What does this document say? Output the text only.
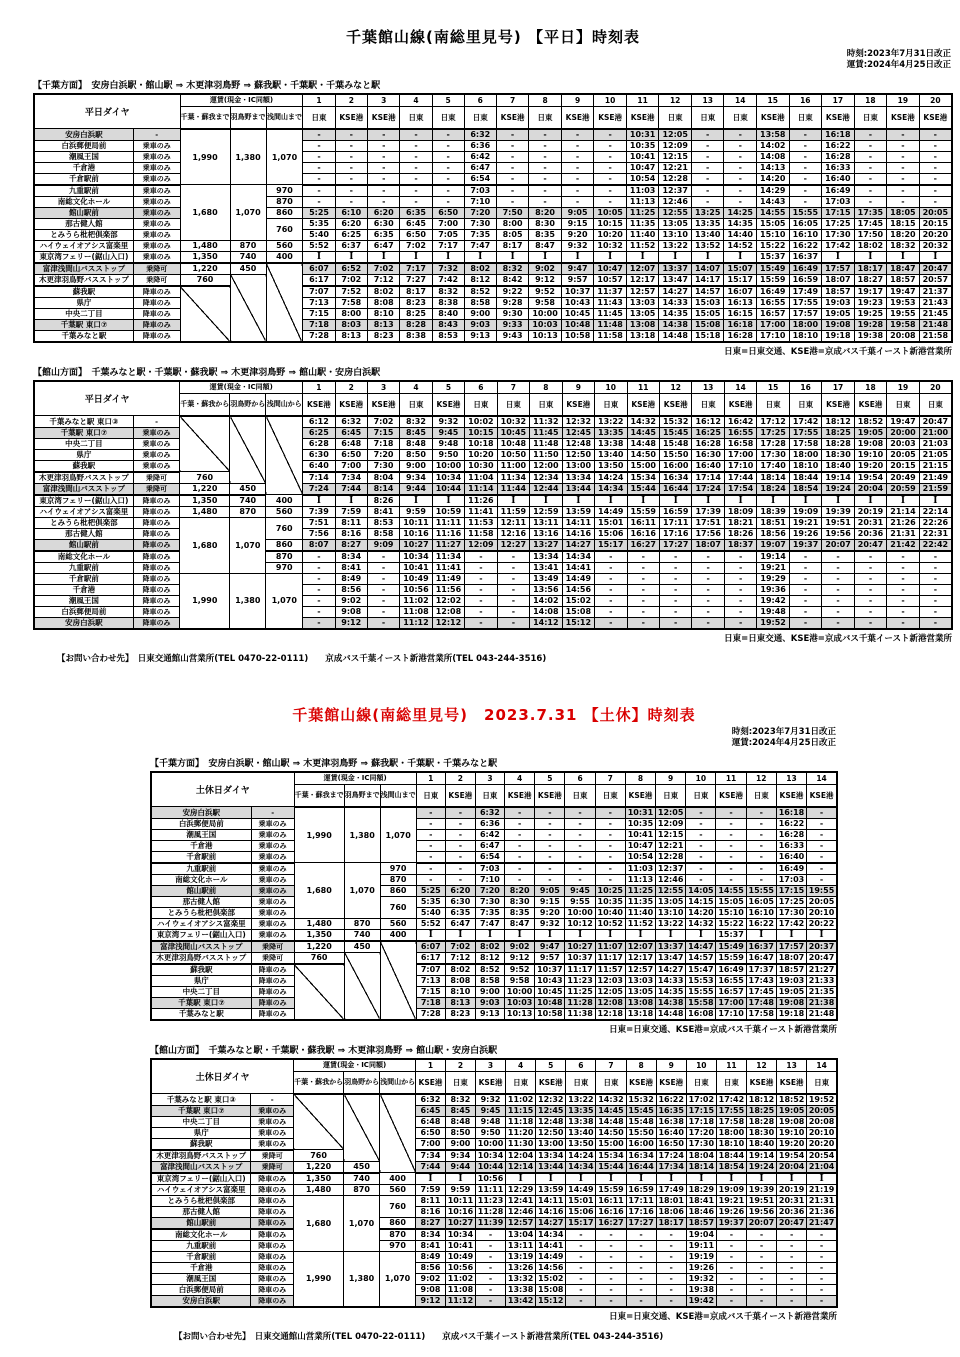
千葉館山線(南総里見号) 【平日】時刻表
時刻:2023年7月31日改正
運賃:2024年4月25日改正
【千葉方面】　安房白浜駅・館山駅 ⇒ 木更津羽鳥野 ⇒ 蘇我駅・千葉駅・千葉みなと駅
平日ダイヤ		運賃(現金・IC同額)			1	2	3	4	5	6	7	8	9	10	11	12	13	14	15	16	17	18	19	20
		千葉・蘇我まで	羽鳥野まで	浅間山まで	日東	KSE港	KSE港	日東	日東	日東	KSE港	日東	KSE港	KSE港	KSE港	日東	日東	日東	KSE港	日東	KSE港	日東	KSE港	KSE港
安房白浜駅	-	1,990	1,380	1,070	-	-	-	-	-	6:32	-	-	-	-	10:31	12:05	-	-	13:58	-	16:18	-	-	-
白浜郵便局前	乗車のみ				-	-	-	-	-	6:36	-	-	-	-	10:35	12:09	-	-	14:02	-	16:22	-	-	-
潮風王国	乗車のみ				-	-	-	-	-	6:42	-	-	-	-	10:41	12:15	-	-	14:08	-	16:28	-	-	-
千倉港	乗車のみ				-	-	-	-	-	6:47	-	-	-	-	10:47	12:21	-	-	14:13	-	16:33	-	-	-
千倉駅前	乗車のみ				-	-	-	-	-	6:54	-	-	-	-	10:54	12:28	-	-	14:20	-	16:40	-	-	-
九重駅前	乗車のみ	1,680	1,070	970	-	-	-	-	-	7:03	-	-	-	-	11:03	12:37	-	-	14:29	-	16:49	-	-	-
南総文化ホール	乗車のみ			870	-	-	-	-	-	7:10	-	-	-	-	11:13	12:46	-	-	14:43	-	17:03	-	-	-
館山駅前	乗車のみ			860	5:25	6:10	6:20	6:35	6:50	7:20	7:50	8:20	9:05	10:05	11:25	12:55	13:25	14:25	14:55	15:55	17:15	17:35	18:05	20:05
那古健人館	乗車のみ			760	5:35	6:20	6:30	6:45	7:00	7:30	8:00	8:30	9:15	10:15	11:35	13:05	13:35	14:35	15:05	16:05	17:25	17:45	18:15	20:15
とみうら枇杷倶楽部	乗車のみ				5:40	6:25	6:35	6:50	7:05	7:35	8:05	8:35	9:20	10:20	11:40	13:10	13:40	14:40	15:10	16:10	17:30	17:50	18:20	20:20
ハイウェイオアシス富楽里	乗車のみ	1,480	870	560	5:52	6:37	6:47	7:02	7:17	7:47	8:17	8:47	9:32	10:32	11:52	13:22	13:52	14:52	15:22	16:22	17:42	18:02	18:32	20:32
東京湾フェリー(鋸山入口)	乗車のみ	1,350	740	400	I	I	I	I	I	I	I	I	I	I	I	I	I	I	15:37	16:37	I	I	I	I
富津浅間山バスストップ	乗降可	1,220	450		6:07	6:52	7:02	7:17	7:32	8:02	8:32	9:02	9:47	10:47	12:07	13:37	14:07	15:07	15:49	16:49	17:57	18:17	18:47	20:47
木更津羽鳥野バスストップ	乗降可	760			6:17	7:02	7:12	7:27	7:42	8:12	8:42	9:12	9:57	10:57	12:17	13:47	14:17	15:17	15:59	16:59	18:07	18:27	18:57	20:57
蘇我駅	降車のみ				7:07	7:52	8:02	8:17	8:32	8:52	9:22	9:52	10:37	11:37	12:57	14:27	14:57	16:07	16:49	17:49	18:57	19:17	19:47	21:37
県庁	降車のみ				7:13	7:58	8:08	8:23	8:38	8:58	9:28	9:58	10:43	11:43	13:03	14:33	15:03	16:13	16:55	17:55	19:03	19:23	19:53	21:43
中央二丁目	降車のみ				7:15	8:00	8:10	8:25	8:40	9:00	9:30	10:00	10:45	11:45	13:05	14:35	15:05	16:15	16:57	17:57	19:05	19:25	19:55	21:45
千葉駅 東口⑦	降車のみ				7:18	8:03	8:13	8:28	8:43	9:03	9:33	10:03	10:48	11:48	13:08	14:38	15:08	16:18	17:00	18:00	19:08	19:28	19:58	21:48
千葉みなと駅	降車のみ				7:28	8:13	8:23	8:38	8:53	9:13	9:43	10:13	10:58	11:58	13:18	14:48	15:18	16:28	17:10	18:10	19:18	19:38	20:08	21:58
日東=日東交通、KSE港=京成バス千葉イースト新港営業所
【館山方面】　千葉みなと駅・千葉駅・蘇我駅 ⇒ 木更津羽鳥野 ⇒ 館山駅・安房白浜駅
平日ダイヤ		運賃(現金・IC同額)			1	2	3	4	5	6	7	8	9	10	11	12	13	14	15	16	17	18	19	20
		千葉・蘇我から	羽鳥野から	浅間山から	KSE港	KSE港	KSE港	日東	KSE港	日東	日東	日東	KSE港	日東	KSE港	KSE港	日東	KSE港	日東	日東	KSE港	KSE港	日東	日東
千葉みなと駅 東口③	-				6:12	6:32	7:02	8:32	9:32	10:02	10:32	11:32	12:32	13:22	14:32	15:32	16:12	16:42	17:12	17:42	18:12	18:52	19:47	20:47
千葉駅 東口⑦	乗車のみ				6:25	6:45	7:15	8:45	9:45	10:15	10:45	11:45	12:45	13:35	14:45	15:45	16:25	16:55	17:25	17:55	18:25	19:05	20:00	21:00
中央二丁目	乗車のみ				6:28	6:48	7:18	8:48	9:48	10:18	10:48	11:48	12:48	13:38	14:48	15:48	16:28	16:58	17:28	17:58	18:28	19:08	20:03	21:03
県庁	乗車のみ				6:30	6:50	7:20	8:50	9:50	10:20	10:50	11:50	12:50	13:40	14:50	15:50	16:30	17:00	17:30	18:00	18:30	19:10	20:05	21:05
蘇我駅	乗車のみ				6:40	7:00	7:30	9:00	10:00	10:30	11:00	12:00	13:00	13:50	15:00	16:00	16:40	17:10	17:40	18:10	18:40	19:20	20:15	21:15
木更津羽鳥野バスストップ	乗降可	760			7:14	7:34	8:04	9:34	10:34	11:04	11:34	12:34	13:34	14:24	15:34	16:34	17:14	17:44	18:14	18:44	19:14	19:54	20:49	21:49
富津浅間山バスストップ	乗降可	1,220	450		7:24	7:44	8:14	9:44	10:44	11:14	11:44	12:44	13:44	14:34	15:44	16:44	17:24	17:54	18:24	18:54	19:24	20:04	20:59	21:59
東京湾フェリー(鋸山入口)	降車のみ	1,350	740	400	I	I	8:26	I	I	11:26	I	I	I	I	I	I	I	I	I	I	I	I	I	I
ハイウェイオアシス富楽里	降車のみ	1,480	870	560	7:39	7:59	8:41	9:59	10:59	11:41	11:59	12:59	13:59	14:49	15:59	16:59	17:39	18:09	18:39	19:09	19:39	20:19	21:14	22:14
とみうら枇杷倶楽部	降車のみ	1,680	1,070	760	7:51	8:11	8:53	10:11	11:11	11:53	12:11	13:11	14:11	15:01	16:11	17:11	17:51	18:21	18:51	19:21	19:51	20:31	21:26	22:26
那古健人館	降車のみ				7:56	8:16	8:58	10:16	11:16	11:58	12:16	13:16	14:16	15:06	16:16	17:16	17:56	18:26	18:56	19:26	19:56	20:36	21:31	22:31
館山駅前	降車のみ			860	8:07	8:27	9:09	10:27	11:27	12:09	12:27	13:27	14:27	15:17	16:27	17:27	18:07	18:37	19:07	19:37	20:07	20:47	21:42	22:42
南総文化ホール	降車のみ			870	-	8:34	-	10:34	11:34	-	-	13:34	14:34	-	-	-	-	-	19:14	-	-	-	-	-
九重駅前	降車のみ			970	-	8:41	-	10:41	11:41	-	-	13:41	14:41	-	-	-	-	-	19:21	-	-	-	-	-
千倉駅前	降車のみ	1,990	1,380	1,070	-	8:49	-	10:49	11:49	-	-	13:49	14:49	-	-	-	-	-	19:29	-	-	-	-	-
千倉港	降車のみ				-	8:56	-	10:56	11:56	-	-	13:56	14:56	-	-	-	-	-	19:36	-	-	-	-	-
潮風王国	降車のみ				-	9:02	-	11:02	12:02	-	-	14:02	15:02	-	-	-	-	-	19:42	-	-	-	-	-
白浜郵便局前	降車のみ				-	9:08	-	11:08	12:08	-	-	14:08	15:08	-	-	-	-	-	19:48	-	-	-	-	-
安房白浜駅	降車のみ				-	9:12	-	11:12	12:12	-	-	14:12	15:12	-	-	-	-	-	19:52	-	-	-	-	-
日東=日東交通、KSE港=京成バス千葉イースト新港営業所
【お問い合わせ先】　日東交通館山営業所(TEL 0470-22-0111)　　京成バス千葉イースト新港営業所(TEL 043-244-3516)
千葉館山線(南総里見号)　2023.7.31 【土休】時刻表
時刻:2023年7月31日改正
運賃:2024年4月25日改正
【千葉方面】　安房白浜駅・館山駅 ⇒ 木更津羽鳥野 ⇒ 蘇我駅・千葉駅・千葉みなと駅
土休日ダイヤ		運賃(現金・IC同額)			1	2	3	4	5	6	7	8	9	10	11	12	13	14
		千葉・蘇我まで	羽鳥野まで	浅間山まで	日東	KSE港	日東	KSE港	KSE港	日東	日東	KSE港	日東	日東	KSE港	日東	KSE港	KSE港
安房白浜駅	-	1,990	1,380	1,070	-	-	6:32	-	-	-	-	10:31	12:05	-	-	-	16:18	-
白浜郵便局前	乗車のみ				-	-	6:36	-	-	-	-	10:35	12:09	-	-	-	16:22	-
潮風王国	乗車のみ				-	-	6:42	-	-	-	-	10:41	12:15	-	-	-	16:28	-
千倉港	乗車のみ				-	-	6:47	-	-	-	-	10:47	12:21	-	-	-	16:33	-
千倉駅前	乗車のみ				-	-	6:54	-	-	-	-	10:54	12:28	-	-	-	16:40	-
九重駅前	乗車のみ	1,680	1,070	970	-	-	7:03	-	-	-	-	11:03	12:37	-	-	-	16:49	-
南総文化ホール	乗車のみ			870	-	-	7:10	-	-	-	-	11:13	12:46	-	-	-	17:03	-
館山駅前	乗車のみ			860	5:25	6:20	7:20	8:20	9:05	9:45	10:25	11:25	12:55	14:05	14:55	15:55	17:15	19:55
那古健人館	乗車のみ			760	5:35	6:30	7:30	8:30	9:15	9:55	10:35	11:35	13:05	14:15	15:05	16:05	17:25	20:05
とみうら枇杷倶楽部	乗車のみ				5:40	6:35	7:35	8:35	9:20	10:00	10:40	11:40	13:10	14:20	15:10	16:10	17:30	20:10
ハイウェイオアシス富楽里	乗車のみ	1,480	870	560	5:52	6:47	7:47	8:47	9:32	10:12	10:52	11:52	13:22	14:32	15:22	16:22	17:42	20:22
東京湾フェリー(鋸山入口)	乗車のみ	1,350	740	400	I	I	I	I	I	I	I	I	I	I	15:37	I	I	I
富津浅間山バスストップ	乗降可	1,220	450		6:07	7:02	8:02	9:02	9:47	10:27	11:07	12:07	13:37	14:47	15:49	16:37	17:57	20:37
木更津羽鳥野バスストップ	乗降可	760			6:17	7:12	8:12	9:12	9:57	10:37	11:17	12:17	13:47	14:57	15:59	16:47	18:07	20:47
蘇我駅	降車のみ				7:07	8:02	8:52	9:52	10:37	11:17	11:57	12:57	14:27	15:47	16:49	17:37	18:57	21:27
県庁	降車のみ				7:13	8:08	8:58	9:58	10:43	11:23	12:03	13:03	14:33	15:53	16:55	17:43	19:03	21:33
中央二丁目	降車のみ				7:15	8:10	9:00	10:00	10:45	11:25	12:05	13:05	14:35	15:55	16:57	17:45	19:05	21:35
千葉駅 東口⑦	降車のみ				7:18	8:13	9:03	10:03	10:48	11:28	12:08	13:08	14:38	15:58	17:00	17:48	19:08	21:38
千葉みなと駅	降車のみ				7:28	8:23	9:13	10:13	10:58	11:38	12:18	13:18	14:48	16:08	17:10	17:58	19:18	21:48
日東=日東交通、KSE港=京成バス千葉イースト新港営業所
【館山方面】　千葉みなと駅・千葉駅・蘇我駅 ⇒ 木更津羽鳥野 ⇒ 館山駅・安房白浜駅
土休日ダイヤ		運賃(現金・IC同額)			1	2	3	4	5	6	7	8	9	10	11	12	13	14
		千葉・蘇我から	羽鳥野から	浅間山から	KSE港	日東	KSE港	日東	KSE港	日東	日東	KSE港	KSE港	日東	日東	KSE港	KSE港	日東
千葉みなと駅 東口③	-				6:32	8:32	9:32	11:02	12:32	13:22	14:32	15:32	16:22	17:02	17:42	18:12	18:52	19:52
千葉駅 東口⑦	乗車のみ				6:45	8:45	9:45	11:15	12:45	13:35	14:45	15:45	16:35	17:15	17:55	18:25	19:05	20:05
中央二丁目	乗車のみ				6:48	8:48	9:48	11:18	12:48	13:38	14:48	15:48	16:38	17:18	17:58	18:28	19:08	20:08
県庁	乗車のみ				6:50	8:50	9:50	11:20	12:50	13:40	14:50	15:50	16:40	17:20	18:00	18:30	19:10	20:10
蘇我駅	乗車のみ				7:00	9:00	10:00	11:30	13:00	13:50	15:00	16:00	16:50	17:30	18:10	18:40	19:20	20:20
木更津羽鳥野バスストップ	乗降可	760			7:34	9:34	10:34	12:04	13:34	14:24	15:34	16:34	17:24	18:04	18:44	19:14	19:54	20:54
富津浅間山バスストップ	乗降可	1,220	450		7:44	9:44	10:44	12:14	13:44	14:34	15:44	16:44	17:34	18:14	18:54	19:24	20:04	21:04
東京湾フェリー(鋸山入口)	降車のみ	1,350	740	400	I	I	10:56	I	I	I	I	I	I	I	I	I	I	I
ハイウェイオアシス富楽里	降車のみ	1,480	870	560	7:59	9:59	11:11	12:29	13:59	14:49	15:59	16:59	17:49	18:29	19:09	19:39	20:19	21:19
とみうら枇杷倶楽部	降車のみ	1,680	1,070	760	8:11	10:11	11:23	12:41	14:11	15:01	16:11	17:11	18:01	18:41	19:21	19:51	20:31	21:31
那古健人館	降車のみ				8:16	10:16	11:28	12:46	14:16	15:06	16:16	17:16	18:06	18:46	19:26	19:56	20:36	21:36
館山駅前	降車のみ			860	8:27	10:27	11:39	12:57	14:27	15:17	16:27	17:27	18:17	18:57	19:37	20:07	20:47	21:47
南総文化ホール	降車のみ			870	8:34	10:34	-	13:04	14:34	-	-	-	-	19:04	-	-	-	-
九重駅前	降車のみ			970	8:41	10:41	-	13:11	14:41	-	-	-	-	19:11	-	-	-	-
千倉駅前	降車のみ	1,990	1,380	1,070	8:49	10:49	-	13:19	14:49	-	-	-	-	19:19	-	-	-	-
千倉港	降車のみ				8:56	10:56	-	13:26	14:56	-	-	-	-	19:26	-	-	-	-
潮風王国	降車のみ				9:02	11:02	-	13:32	15:02	-	-	-	-	19:32	-	-	-	-
白浜郵便局前	降車のみ				9:08	11:08	-	13:38	15:08	-	-	-	-	19:38	-	-	-	-
安房白浜駅	降車のみ				9:12	11:12	-	13:42	15:12	-	-	-	-	19:42	-	-	-	-
日東=日東交通、KSE港=京成バス千葉イースト新港営業所
【お問い合わせ先】　日東交通館山営業所(TEL 0470-22-0111)　　京成バス千葉イースト新港営業所(TEL 043-244-3516)
